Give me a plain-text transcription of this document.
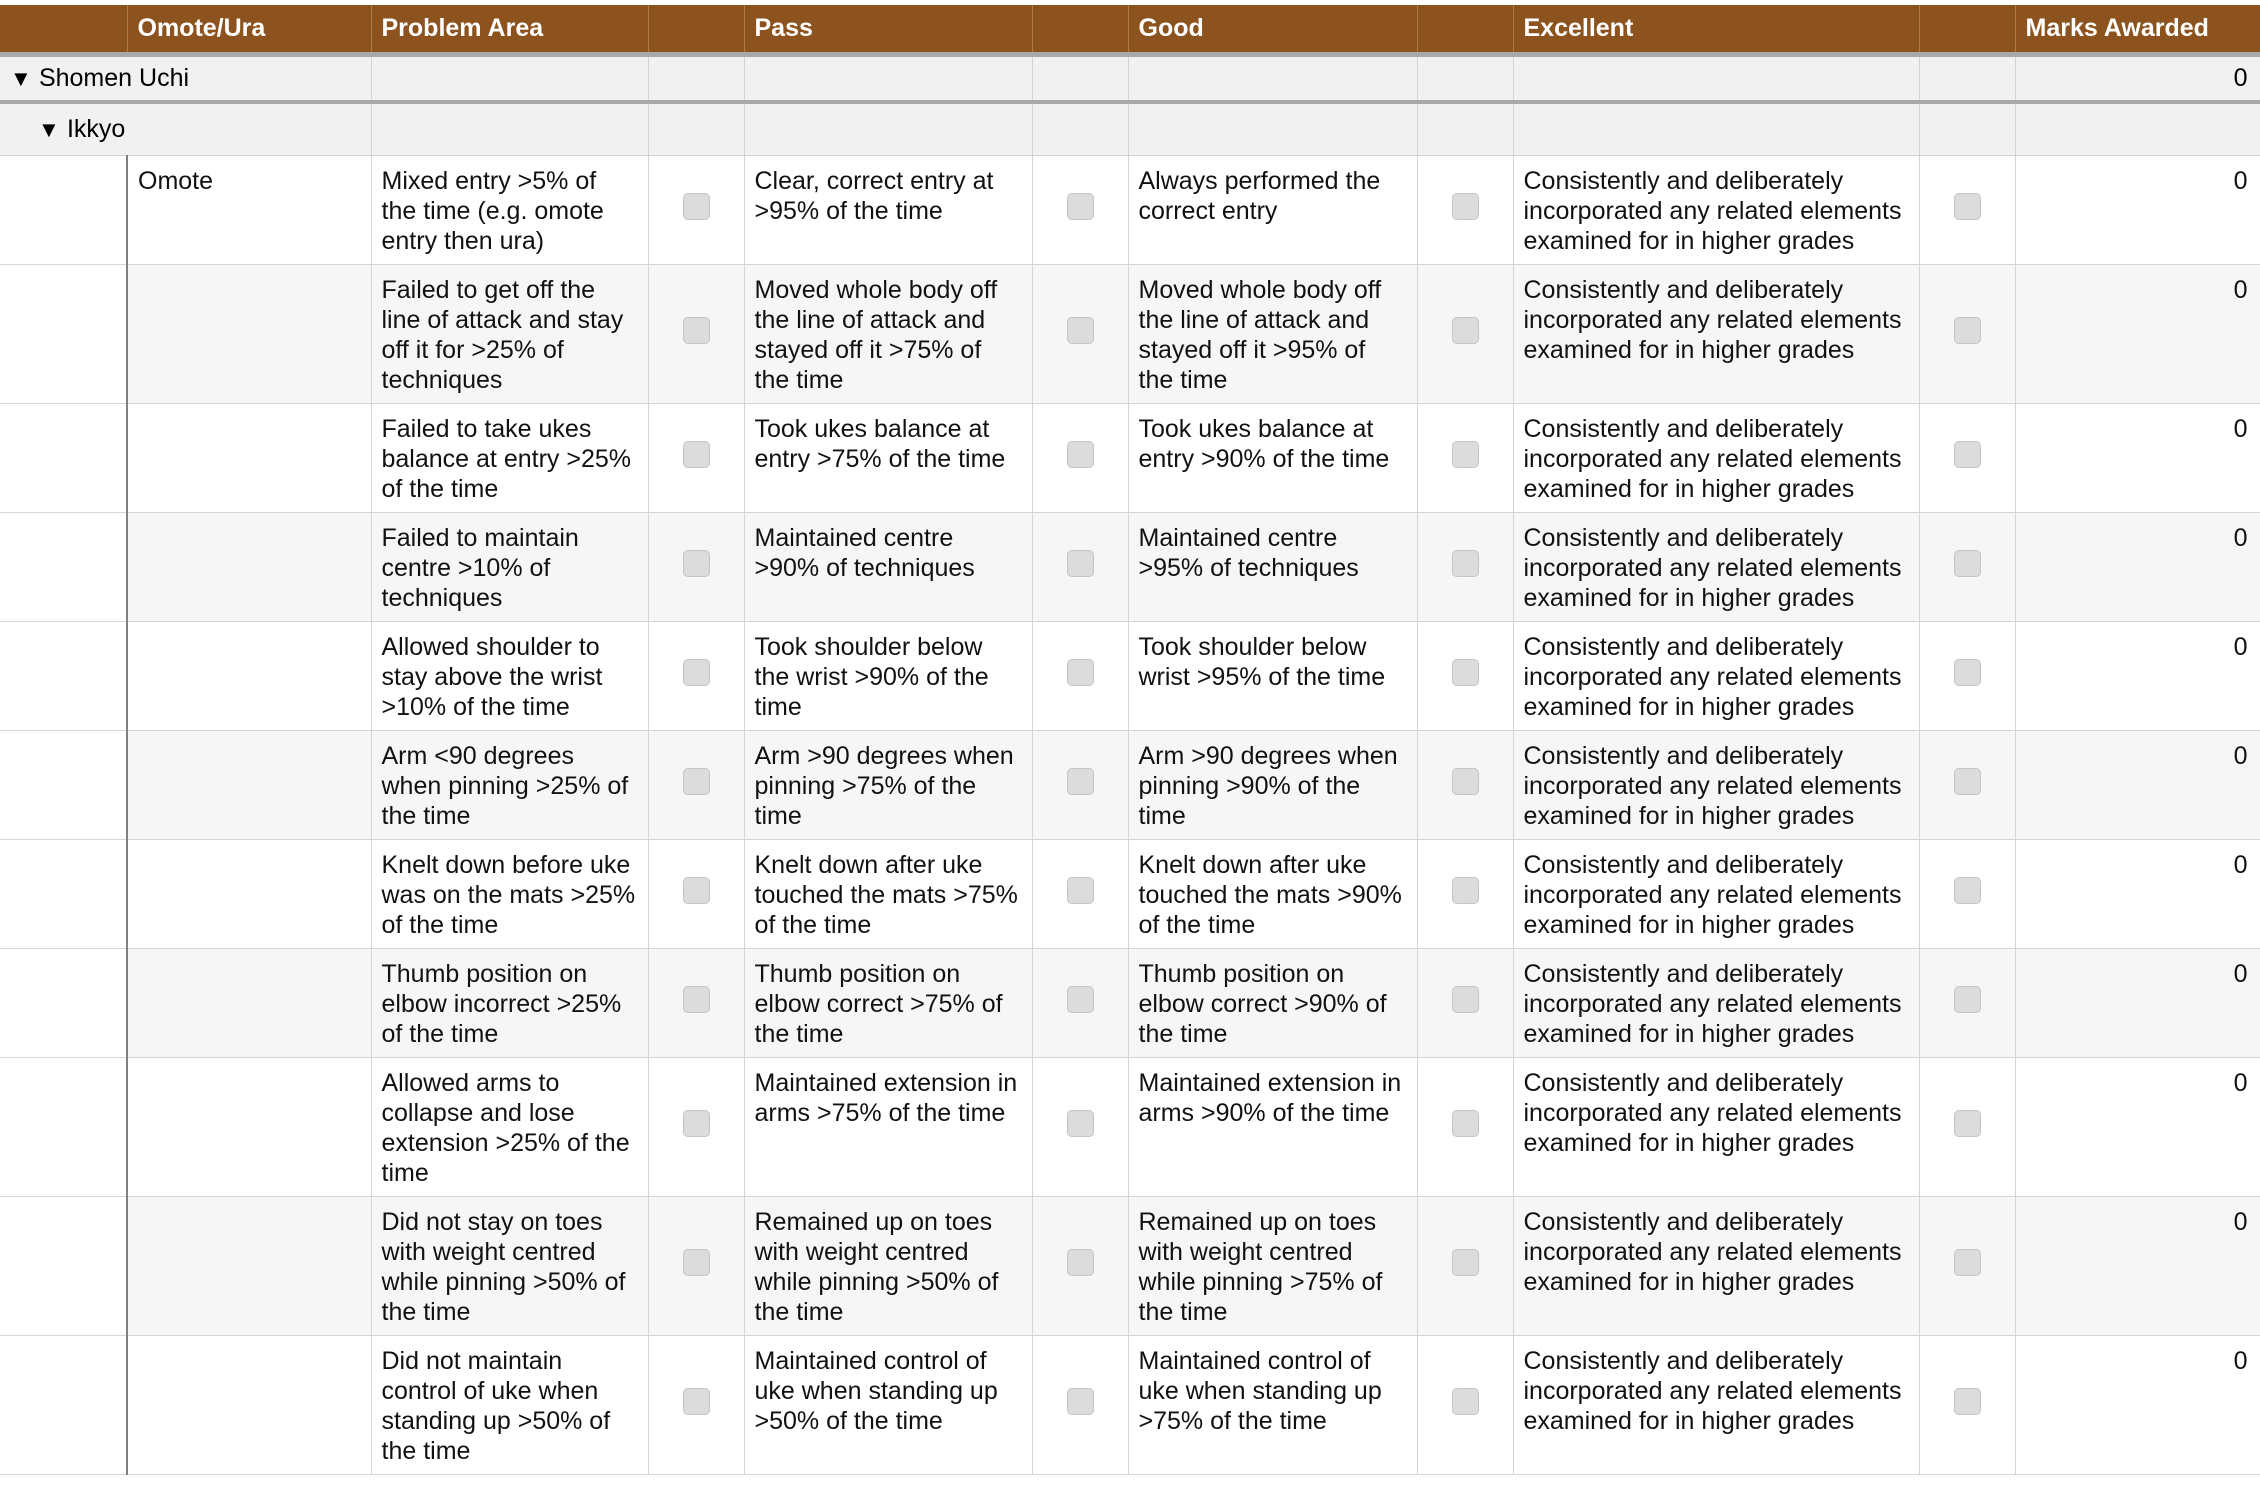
	Omote/Ura	Problem Area		Pass		Good		Excellent		Marks Awarded
▼ Shomen Uchi										0
▼ Ikkyo										
	Omote	Mixed entry >5% of the time (e.g. omote entry then ura)		Clear, correct entry at >95% of the time		Always performed the correct entry		Consistently and deliberately incorporated any related elements examined for in higher grades		0
		Failed to get off the line of attack and stay off it for >25% of techniques		Moved whole body off the line of attack and stayed off it >75% of the time		Moved whole body off the line of attack and stayed off it >95% of the time		Consistently and deliberately incorporated any related elements examined for in higher grades		0
		Failed to take ukes balance at entry >25% of the time		Took ukes balance at entry >75% of the time		Took ukes balance at entry >90% of the time		Consistently and deliberately incorporated any related elements examined for in higher grades		0
		Failed to maintain centre >10% of techniques		Maintained centre >90% of techniques		Maintained centre >95% of techniques		Consistently and deliberately incorporated any related elements examined for in higher grades		0
		Allowed shoulder to stay above the wrist >10% of the time		Took shoulder below the wrist >90% of the time		Took shoulder below wrist >95% of the time		Consistently and deliberately incorporated any related elements examined for in higher grades		0
		Arm <90 degrees when pinning >25% of the time		Arm >90 degrees when pinning >75% of the time		Arm >90 degrees when pinning >90% of the time		Consistently and deliberately incorporated any related elements examined for in higher grades		0
		Knelt down before uke was on the mats >25% of the time		Knelt down after uke touched the mats >75% of the time		Knelt down after uke touched the mats >90% of the time		Consistently and deliberately incorporated any related elements examined for in higher grades		0
		Thumb position on elbow incorrect >25% of the time		Thumb position on elbow correct >75% of the time		Thumb position on elbow correct >90% of the time		Consistently and deliberately incorporated any related elements examined for in higher grades		0
		Allowed arms to collapse and lose extension >25% of the time		Maintained extension in arms >75% of the time		Maintained extension in arms >90% of the time		Consistently and deliberately incorporated any related elements examined for in higher grades		0
		Did not stay on toes with weight centred while pinning >50% of the time		Remained up on toes with weight centred while pinning >50% of the time		Remained up on toes with weight centred while pinning >75% of the time		Consistently and deliberately incorporated any related elements examined for in higher grades		0
		Did not maintain control of uke when standing up >50% of the time		Maintained control of uke when standing up >50% of the time		Maintained control of uke when standing up >75% of the time		Consistently and deliberately incorporated any related elements examined for in higher grades		0
